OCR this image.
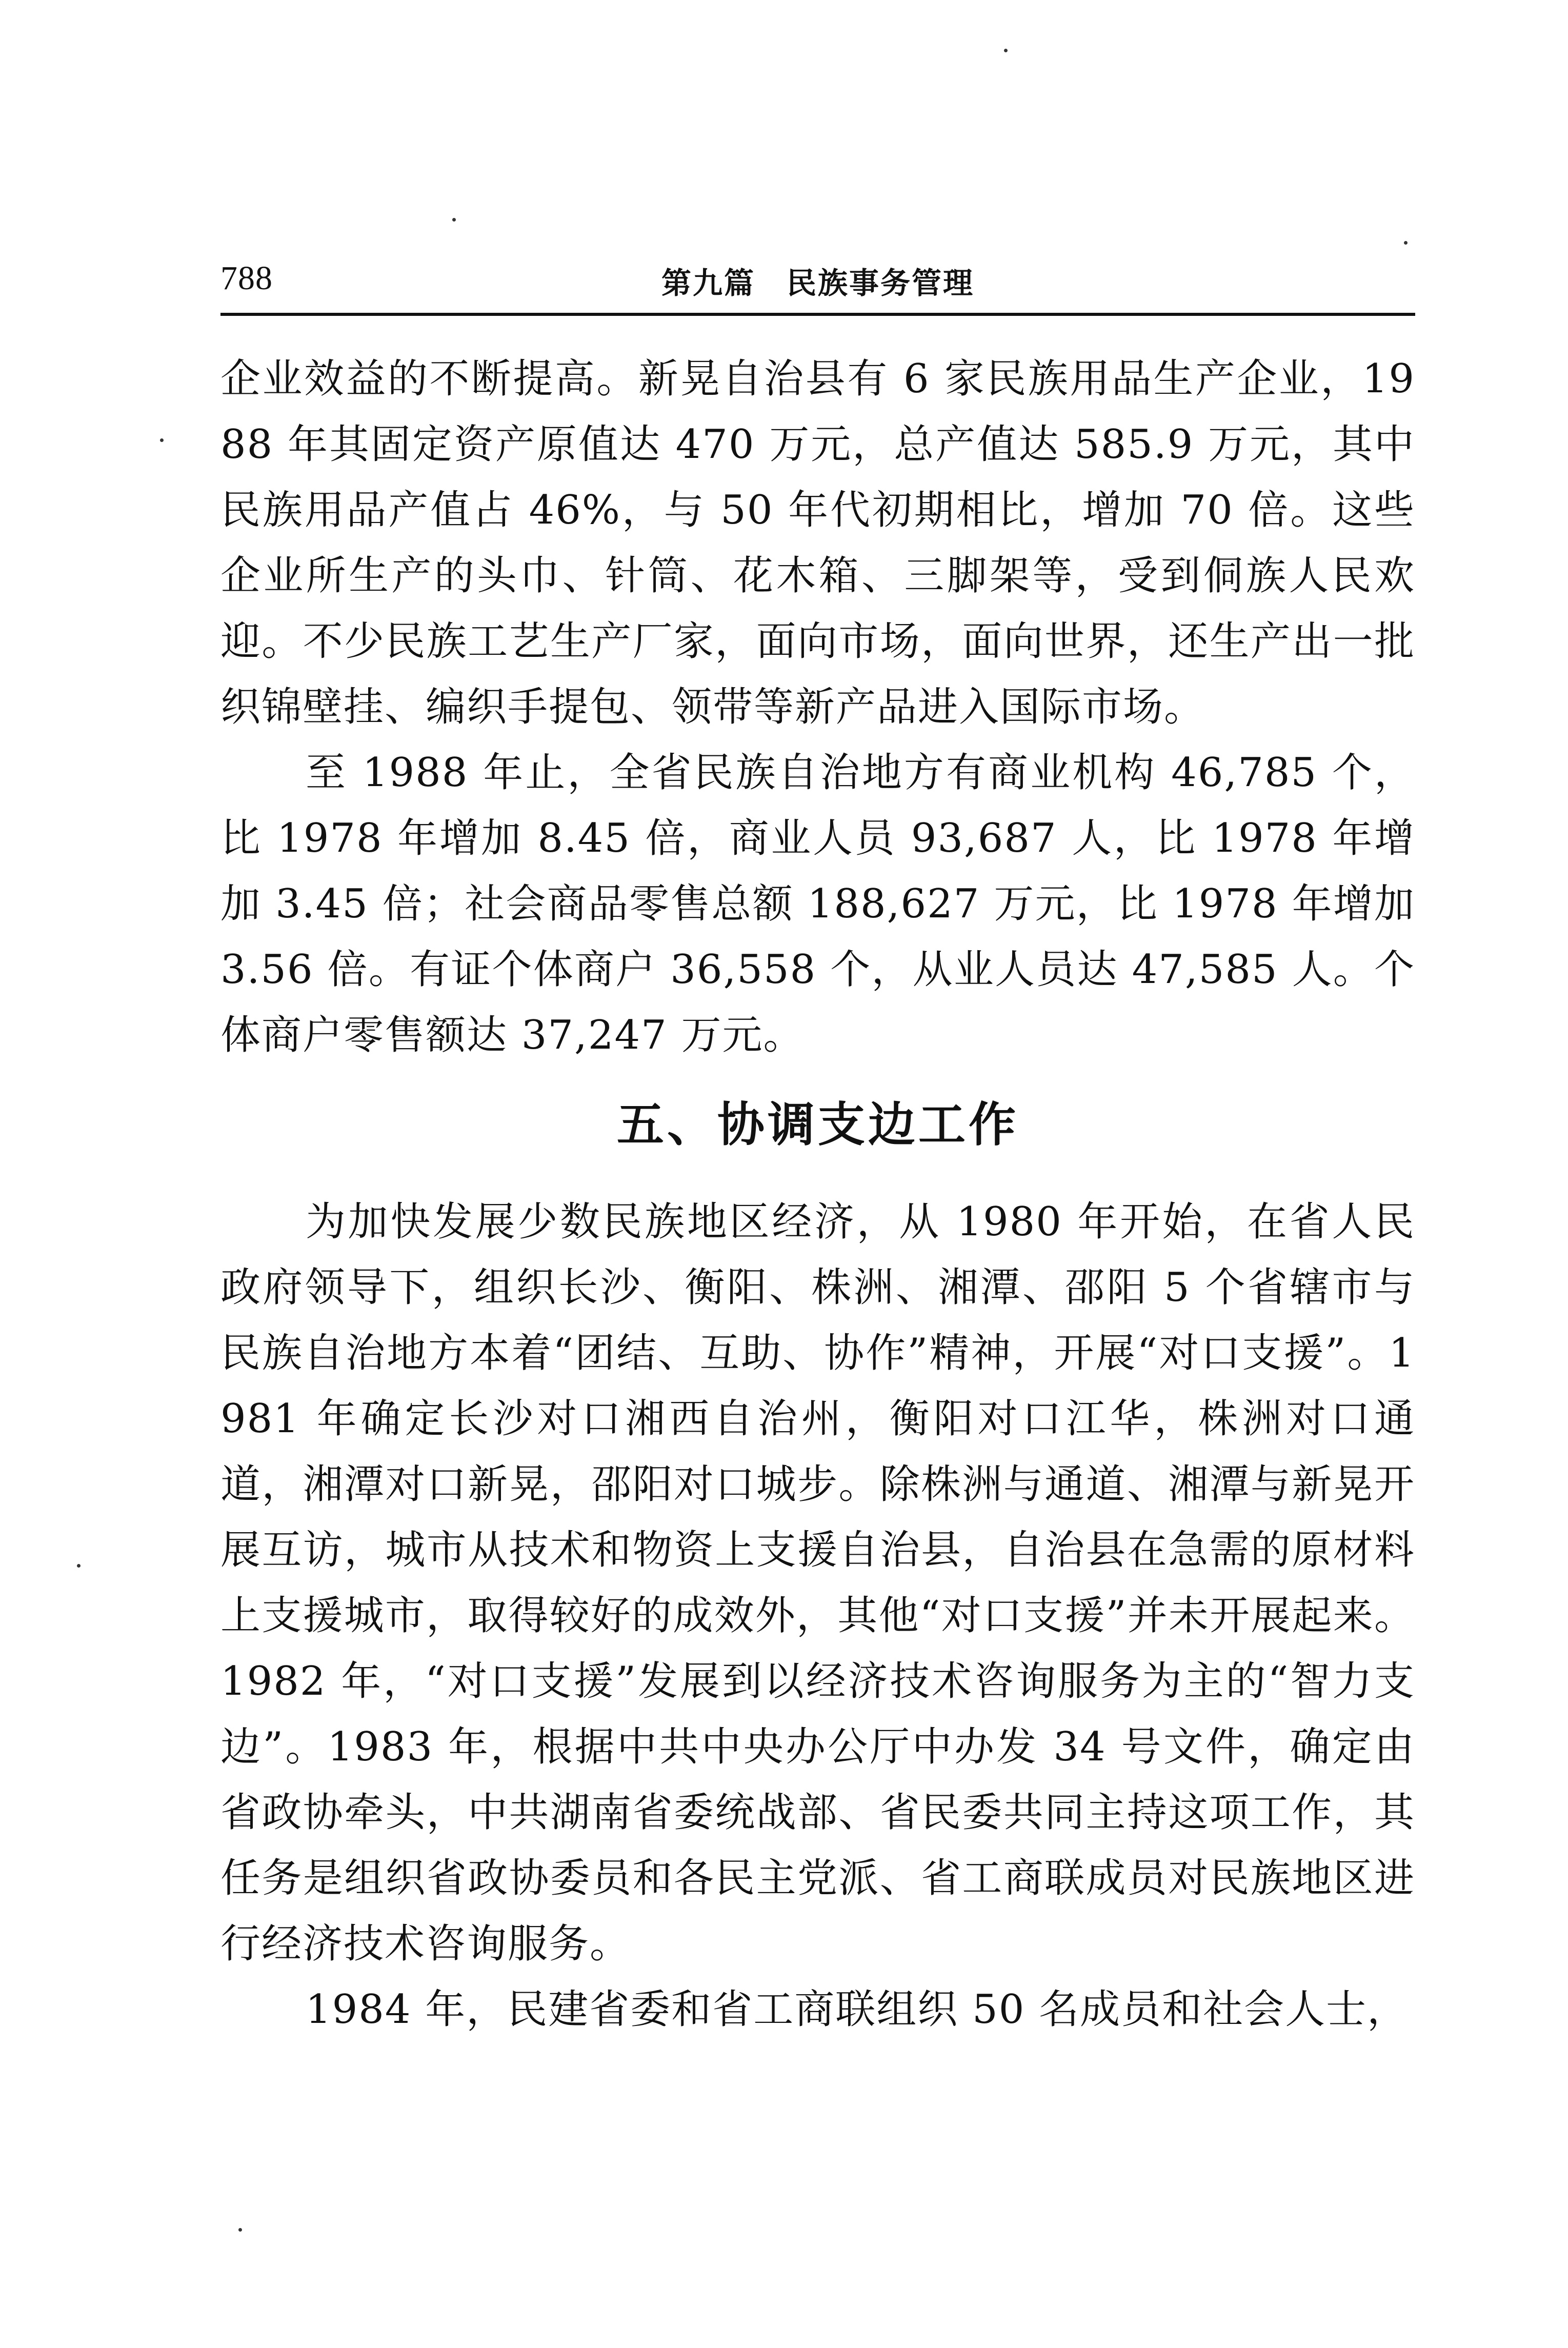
788	第九篇　民族事务管理

企业效益的不断提高。新晃自治县有 6 家民族用品生产企业，1988 年其固定资产原值达 470 万元，总产值达 585.9 万元，其中民族用品产值占 46%，与 50 年代初期相比，增加 70 倍。这些企业所生产的头巾、针筒、花木箱、三脚架等，受到侗族人民欢迎。不少民族工艺生产厂家，面向市场，面向世界，还生产出一批织锦壁挂、编织手提包、领带等新产品进入国际市场。

至 1988 年止，全省民族自治地方有商业机构 46,785 个，比 1978 年增加 8.45 倍，商业人员 93,687 人，比 1978 年增加 3.45 倍；社会商品零售总额 188,627 万元，比 1978 年增加 3.56 倍。有证个体商户 36,558 个，从业人员达 47,585 人。个体商户零售额达 37,247 万元。

五、协调支边工作

为加快发展少数民族地区经济，从 1980 年开始，在省人民政府领导下，组织长沙、衡阳、株洲、湘潭、邵阳 5 个省辖市与民族自治地方本着“团结、互助、协作”精神，开展“对口支援”。1981 年确定长沙对口湘西自治州，衡阳对口江华，株洲对口通道，湘潭对口新晃，邵阳对口城步。除株洲与通道、湘潭与新晃开展互访，城市从技术和物资上支援自治县，自治县在急需的原材料上支援城市，取得较好的成效外，其他“对口支援”并未开展起来。1982 年，“对口支援”发展到以经济技术咨询服务为主的“智力支边”。1983 年，根据中共中央办公厅中办发 34 号文件，确定由省政协牵头，中共湖南省委统战部、省民委共同主持这项工作，其任务是组织省政协委员和各民主党派、省工商联成员对民族地区进行经济技术咨询服务。

1984 年，民建省委和省工商联组织 50 名成员和社会人士，
